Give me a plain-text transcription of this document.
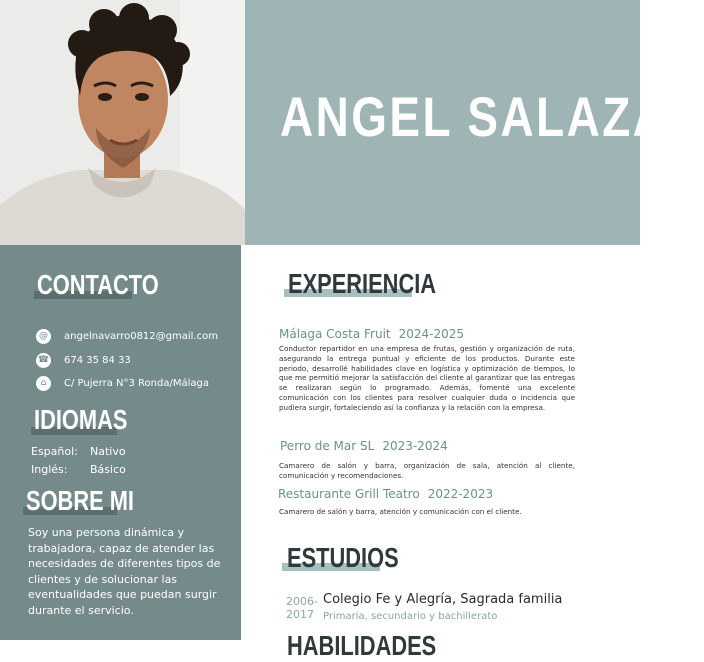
ANGEL SALAZAR
CONTACTO
@	angelnavarro0812@gmail.com
☎ 674 35 84 33
⌂	C/ Pujerra N°3 Ronda/Málaga
IDIOMAS
Español: Nativo
Inglés: Básico
SOBRE MI

Soy una persona dinámica y trabajadora, capaz de atender las necesidades de diferentes tipos de clientes y de solucionar las eventualidades que puedan surgir durante el servicio.

EXPERIENCIA
Málaga Costa Fruit 2024-2025

Conductor repartidor en una empresa de frutas, gestión y organización de ruta, asegurando la entrega puntual y eficiente de los productos. Durante este periodo, desarrollé habilidades clave en logística y optimización de tiempos, lo que me permitió mejorar la satisfacción del cliente al garantizar que las entregas se realizaran según lo programado. Además, fomenté una excelente comunicación con los clientes para resolver cualquier duda o incidencia que pudiera surgir, fortaleciendo así la confianza y la relación con la empresa.

Perro de Mar SL 2023-2024

Camarero de salón y barra, organización de sala, atención al cliente, comunicación y recomendaciones.

Restaurante Grill Teatro 2022-2023

Camarero de salón y barra, atención y comunicación con el cliente.

ESTUDIOS
2006-2017
Colegio Fe y Alegría, Sagrada familia
Primaria, secundario y bachillerato
HABILIDADES
